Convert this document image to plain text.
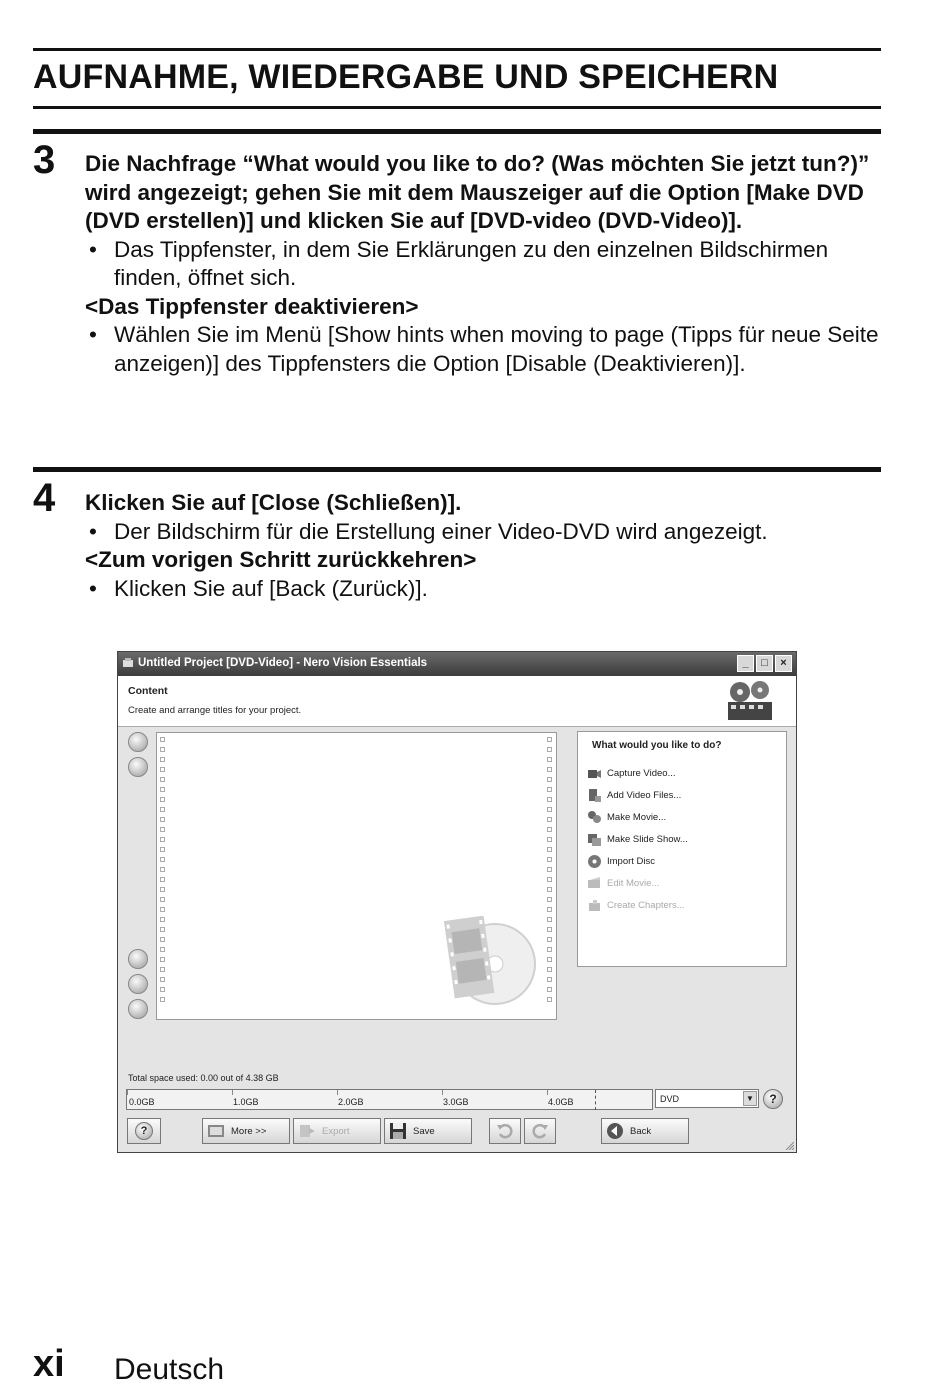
AUFNAHME, WIEDERGABE UND SPEICHERN
3 Die Nachfrage “What would you like to do? (Was möchten Sie jetzt tun?)” wird angezeigt; gehen Sie mit dem Mauszeiger auf die Option [Make DVD (DVD erstellen)] und klicken Sie auf [DVD-video (DVD-Video)].
• Das Tippfenster, in dem Sie Erklärungen zu den einzelnen Bildschirmen finden, öffnet sich.
<Das Tippfenster deaktivieren>
• Wählen Sie im Menü [Show hints when moving to page (Tipps für neue Seite anzeigen)] des Tippfensters die Option [Disable (Deaktivieren)].
4 Klicken Sie auf [Close (Schließen)].
• Der Bildschirm für die Erstellung einer Video-DVD wird angezeigt.
<Zum vorigen Schritt zurückkehren>
• Klicken Sie auf [Back (Zurück)].
Untitled Project [DVD-Video] - Nero Vision Essentials	_	□	×
Content
Create and arrange titles for your project.
What would you like to do?
Capture Video...
Add Video Files...
Make Movie...
Make Slide Show...
Import Disc
Edit Movie...
Create Chapters...
Total space used: 0.00 out of 4.38 GB
0.0GB	1.0GB	2.0GB	3.0GB	4.0GB	DVD	▼	?
?	More >>	Export	Save	Back
xi Deutsch
